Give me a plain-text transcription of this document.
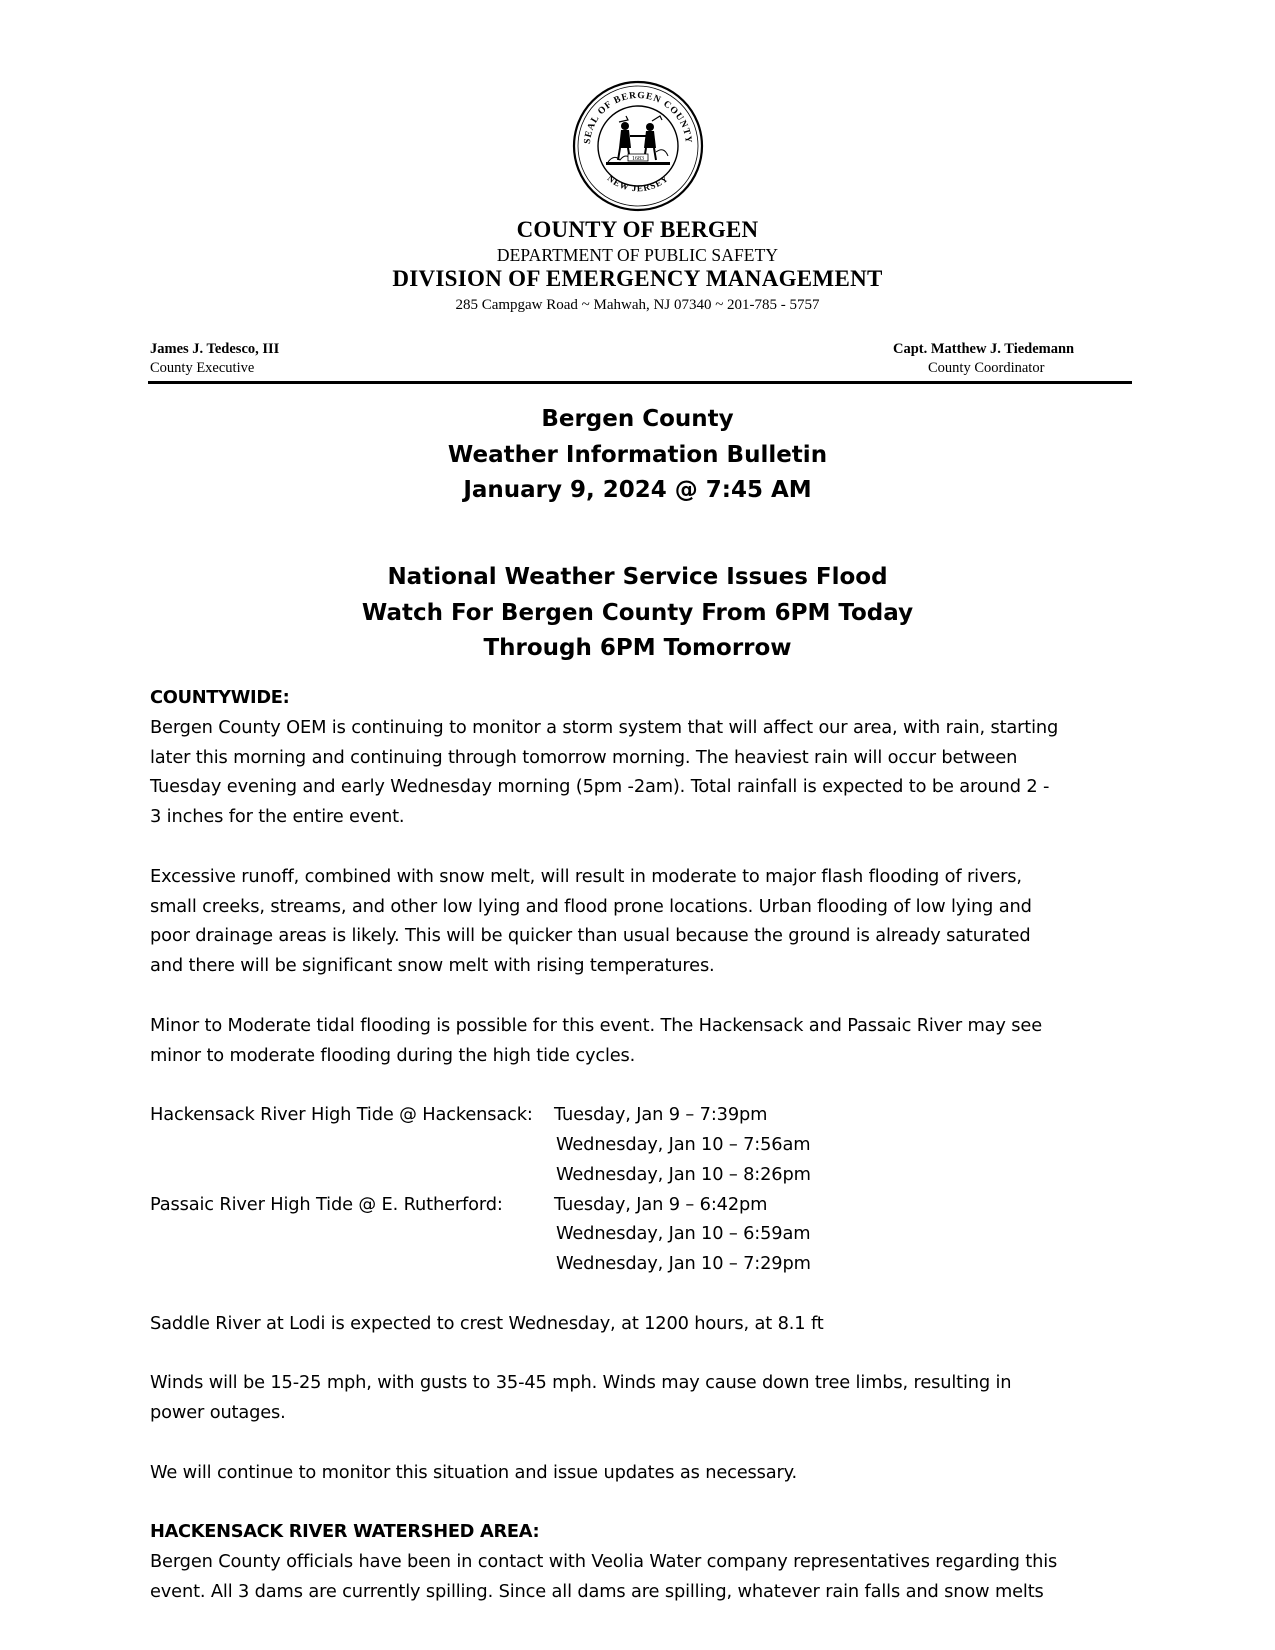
SEAL OF BERGEN COUNTY
NEW JERSEY
1683
COUNTY OF BERGEN
DEPARTMENT OF PUBLIC SAFETY
DIVISION OF EMERGENCY MANAGEMENT
285 Campgaw Road ~ Mahwah, NJ 07340 ~ 201-785 - 5757
James J. Tedesco, III
County Executive
Capt. Matthew J. Tiedemann
County Coordinator
Bergen County
Weather Information Bulletin
January 9, 2024 @ 7:45 AM
National Weather Service Issues Flood
Watch For Bergen County From 6PM Today
Through 6PM Tomorrow

COUNTYWIDE:

Bergen County OEM is continuing to monitor a storm system that will affect our area, with rain, starting
later this morning and continuing through tomorrow morning. The heaviest rain will occur between
Tuesday evening and early Wednesday morning (5pm -2am). Total rainfall is expected to be around 2 -
3 inches for the entire event.

Excessive runoff, combined with snow melt, will result in moderate to major flash flooding of rivers,
small creeks, streams, and other low lying and flood prone locations. Urban flooding of low lying and
poor drainage areas is likely. This will be quicker than usual because the ground is already saturated
and there will be significant snow melt with rising temperatures.

Minor to Moderate tidal flooding is possible for this event. The Hackensack and Passaic River may see
minor to moderate flooding during the high tide cycles.

Hackensack River High Tide @ Hackensack:	Tuesday, Jan 9 – 7:39pm
Wednesday, Jan 10 – 7:56am
Wednesday, Jan 10 – 8:26pm
Passaic River High Tide @ E. Rutherford:	Tuesday, Jan 9 – 6:42pm
Wednesday, Jan 10 – 6:59am
Wednesday, Jan 10 – 7:29pm

Saddle River at Lodi is expected to crest Wednesday, at 1200 hours, at 8.1 ft

Winds will be 15-25 mph, with gusts to 35-45 mph. Winds may cause down tree limbs, resulting in
power outages.

We will continue to monitor this situation and issue updates as necessary.

HACKENSACK RIVER WATERSHED AREA:

Bergen County officials have been in contact with Veolia Water company representatives regarding this
event. All 3 dams are currently spilling. Since all dams are spilling, whatever rain falls and snow melts
